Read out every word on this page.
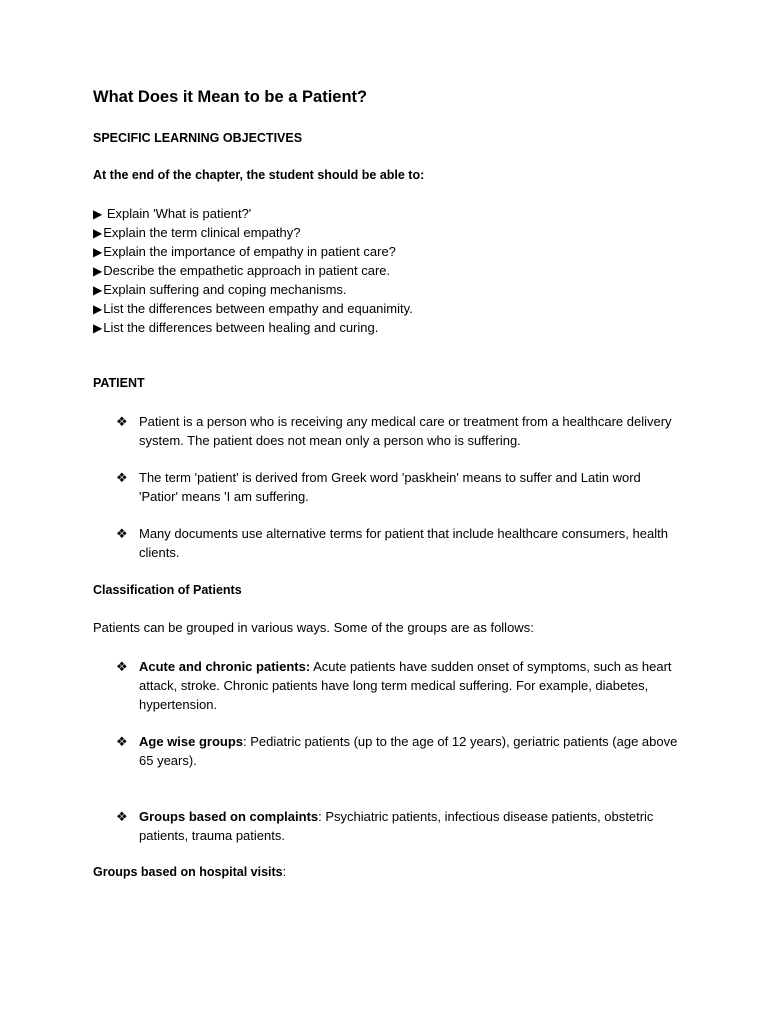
What Does it Mean to be a Patient?
SPECIFIC LEARNING OBJECTIVES
At the end of the chapter, the student should be able to:
▶ Explain 'What is patient?'
▶Explain the term clinical empathy?
▶Explain the importance of empathy in patient care?
▶Describe the empathetic approach in patient care.
▶Explain suffering and coping mechanisms.
▶List the differences between empathy and equanimity.
▶List the differences between healing and curing.
PATIENT
❖ Patient is a person who is receiving any medical care or treatment from a healthcare delivery system. The patient does not mean only a person who is suffering.
❖ The term 'patient' is derived from Greek word 'paskhein' means to suffer and Latin word 'Patior' means 'I am suffering.
❖ Many documents use alternative terms for patient that include healthcare consumers, health clients.
Classification of Patients
Patients can be grouped in various ways. Some of the groups are as follows:
❖ Acute and chronic patients: Acute patients have sudden onset of symptoms, such as heart attack, stroke. Chronic patients have long term medical suffering. For example, diabetes, hypertension.
❖ Age wise groups: Pediatric patients (up to the age of 12 years), geriatric patients (age above 65 years).
❖ Groups based on complaints: Psychiatric patients, infectious disease patients, obstetric patients, trauma patients.
Groups based on hospital visits:
